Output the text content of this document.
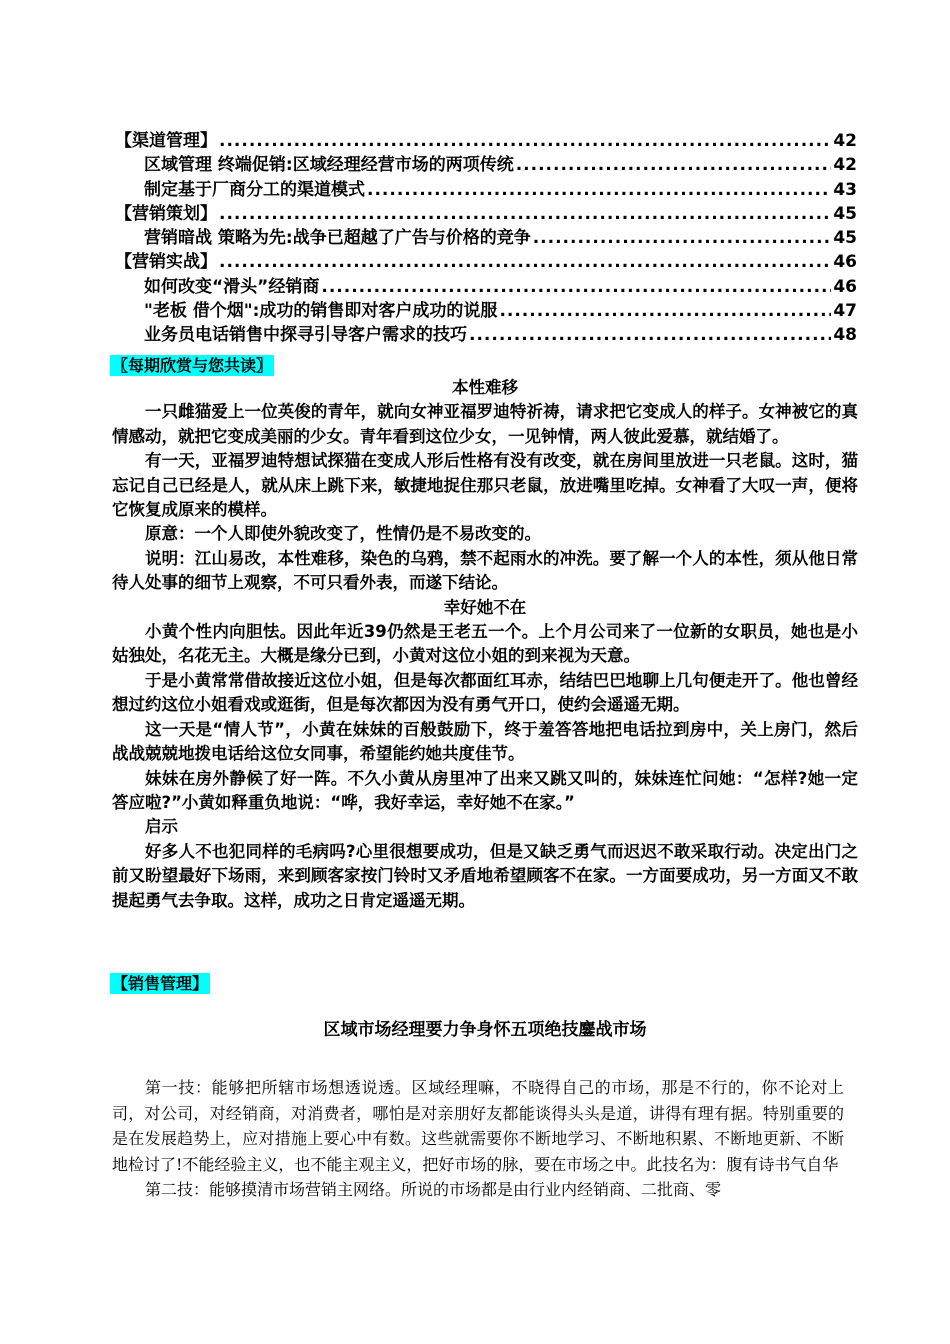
【渠道管理】 .....	42
区域管理 终端促销:区域经理经营市场的两项传统 .....	42
制定基于厂商分工的渠道模式 .....	43
【营销策划】 .....	45
营销暗战 策略为先:战争已超越了广告与价格的竞争 .....	45
【营销实战】 .....	46
如何改变“滑头”经销商 .....	46
"老板 借个烟":成功的销售即对客户成功的说服 .....	47
业务员电话销售中探寻引导客户需求的技巧 .....	48
〖每期欣赏与您共读〗
本性难移

一只雌猫爱上一位英俊的青年，就向女神亚福罗迪特祈祷，请求把它变成人的样子。女神被它的真情感动，就把它变成美丽的少女。青年看到这位少女，一见钟情，两人彼此爱慕，就结婚了。

有一天，亚福罗迪特想试探猫在变成人形后性格有没有改变，就在房间里放进一只老鼠。这时，猫忘记自己已经是人，就从床上跳下来，敏捷地捉住那只老鼠，放进嘴里吃掉。女神看了大叹一声，便将它恢复成原来的模样。

原意：一个人即使外貌改变了，性情仍是不易改变的。

说明：江山易改，本性难移，染色的乌鸦，禁不起雨水的冲洗。要了解一个人的本性，须从他日常待人处事的细节上观察，不可只看外表，而遂下结论。

幸好她不在

小黄个性内向胆怯。因此年近39仍然是王老五一个。上个月公司来了一位新的女职员，她也是小姑独处，名花无主。大概是缘分已到，小黄对这位小姐的到来视为天意。

于是小黄常常借故接近这位小姐，但是每次都面红耳赤，结结巴巴地聊上几句便走开了。他也曾经想过约这位小姐看戏或逛街，但是每次都因为没有勇气开口，使约会遥遥无期。

这一天是“情人节”，小黄在妹妹的百般鼓励下，终于羞答答地把电话拉到房中，关上房门，然后战战兢兢地拨电话给这位女同事，希望能约她共度佳节。

妹妹在房外静候了好一阵。不久小黄从房里冲了出来又跳又叫的，妹妹连忙问她：“怎样?她一定答应啦?”小黄如释重负地说：“哗，我好幸运，幸好她不在家。”

启示

好多人不也犯同样的毛病吗?心里很想要成功，但是又缺乏勇气而迟迟不敢采取行动。决定出门之前又盼望最好下场雨，来到顾客家按门铃时又矛盾地希望顾客不在家。一方面要成功，另一方面又不敢提起勇气去争取。这样，成功之日肯定遥遥无期。

【销售管理】
区域市场经理要力争身怀五项绝技鏖战市场

第一技：能够把所辖市场想透说透。区域经理嘛，不晓得自己的市场，那是不行的，你不论对上司，对公司，对经销商，对消费者，哪怕是对亲朋好友都能谈得头头是道，讲得有理有据。特别重要的是在发展趋势上，应对措施上要心中有数。这些就需要你不断地学习、不断地积累、不断地更新、不断地检讨了!不能经验主义，也不能主观主义，把好市场的脉，要在市场之中。此技名为：腹有诗书气自华

第二技：能够摸清市场营销主网络。所说的市场都是由行业内经销商、二批商、零
